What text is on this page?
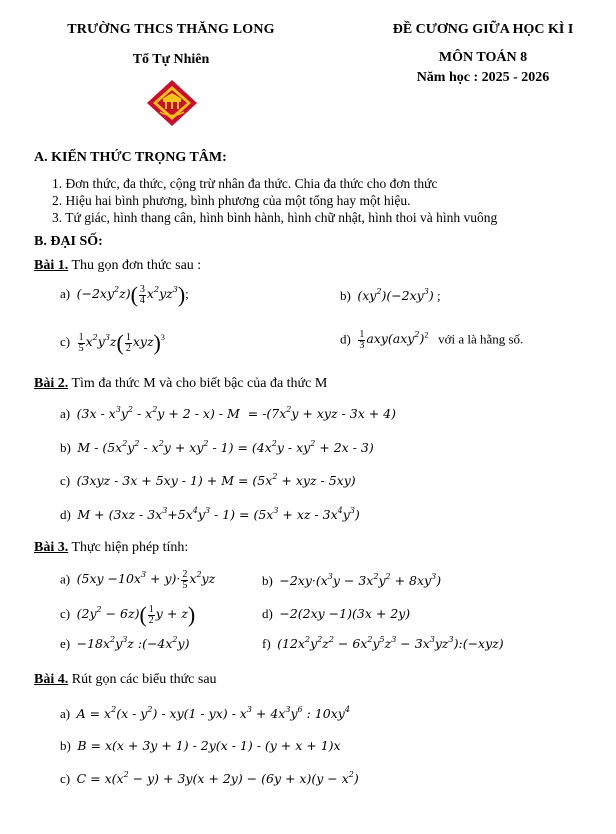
TRƯỜNG THCS THĂNG LONG
Tổ Tự Nhiên
ĐỀ CƯƠNG GIỮA HỌC KÌ I
MÔN TOÁN 8
Năm học : 2025 - 2026
A. KIẾN THỨC TRỌNG TÂM:
1. Đơn thức, đa thức, cộng trừ nhân đa thức. Chia đa thức cho đơn thức
2. Hiệu hai bình phương, bình phương của một tổng hay một hiệu.
3. Tứ giác, hình thang cân, hình bình hành, hình chữ nhật, hình thoi và hình vuông
B. ĐẠI SỐ:
Bài 1. Thu gọn đơn thức sau :
a) $(-2xy^2z)( \frac{3}{4} x^2yz^3)$;	b) $(xy^2)(-2xy^3)$ ;
$c) \frac{1}{5} x^2y^3z( \frac{1}{2} xyz)^3$	$d) \frac{1}{3} axy(axy^2)^2$ với a là hằng số.
Bài 2. Tìm đa thức M và cho biết bậc của đa thức M
a) $(3x - x^3y^2 - x^2y + 2 - x) - M = -(7x^2y$ + xyz - 3x + 4)
b) $M - (5x^2y^2 - x^2y + xy^2 - 1) = (4x^2y - xy^2 + 2x - 3)$
c) $(3xyz - 3x + 5xy - 1) + M = (5x^2$ + xyz - 5xy)
d) $M + (3xz - 3x^3+5x^4y^3 - 1) = (5x^3$ + xz - $3x^4y^3$)
Bài 3. Thực hiện phép tính:
a) $(5xy -10x^3 + y)\cdot \frac{2}{5} x^2yz$	$b) -2xy\cdot(x^3y - 3x^2y^2 + 8xy^3)$
c) $(2y^2 - 6z)( \frac{1}{2}$ y + z)	d) −2(2xy −1)(3x + 2y)
$e) -18x^2y^3z$ $:(-4x^2y)$	f) ($12x^2y^2z^2 - 6x^2y^5z^3$ − $3x^3yz^3):(-xyz)$
Bài 4. Rút gọn các biểu thức sau
a) $A = x^2(x - y^2) - xy(1 - yx) - x^3 + 4x^3y^6$ : $10xy^4$
b) B = x(x + 3y + 1) - 2y(x - 1) - (y + x + 1)x
c) $C = x(x^2 - y) + 3y(x + 2y) - (6y + x)(y - x^2)$
